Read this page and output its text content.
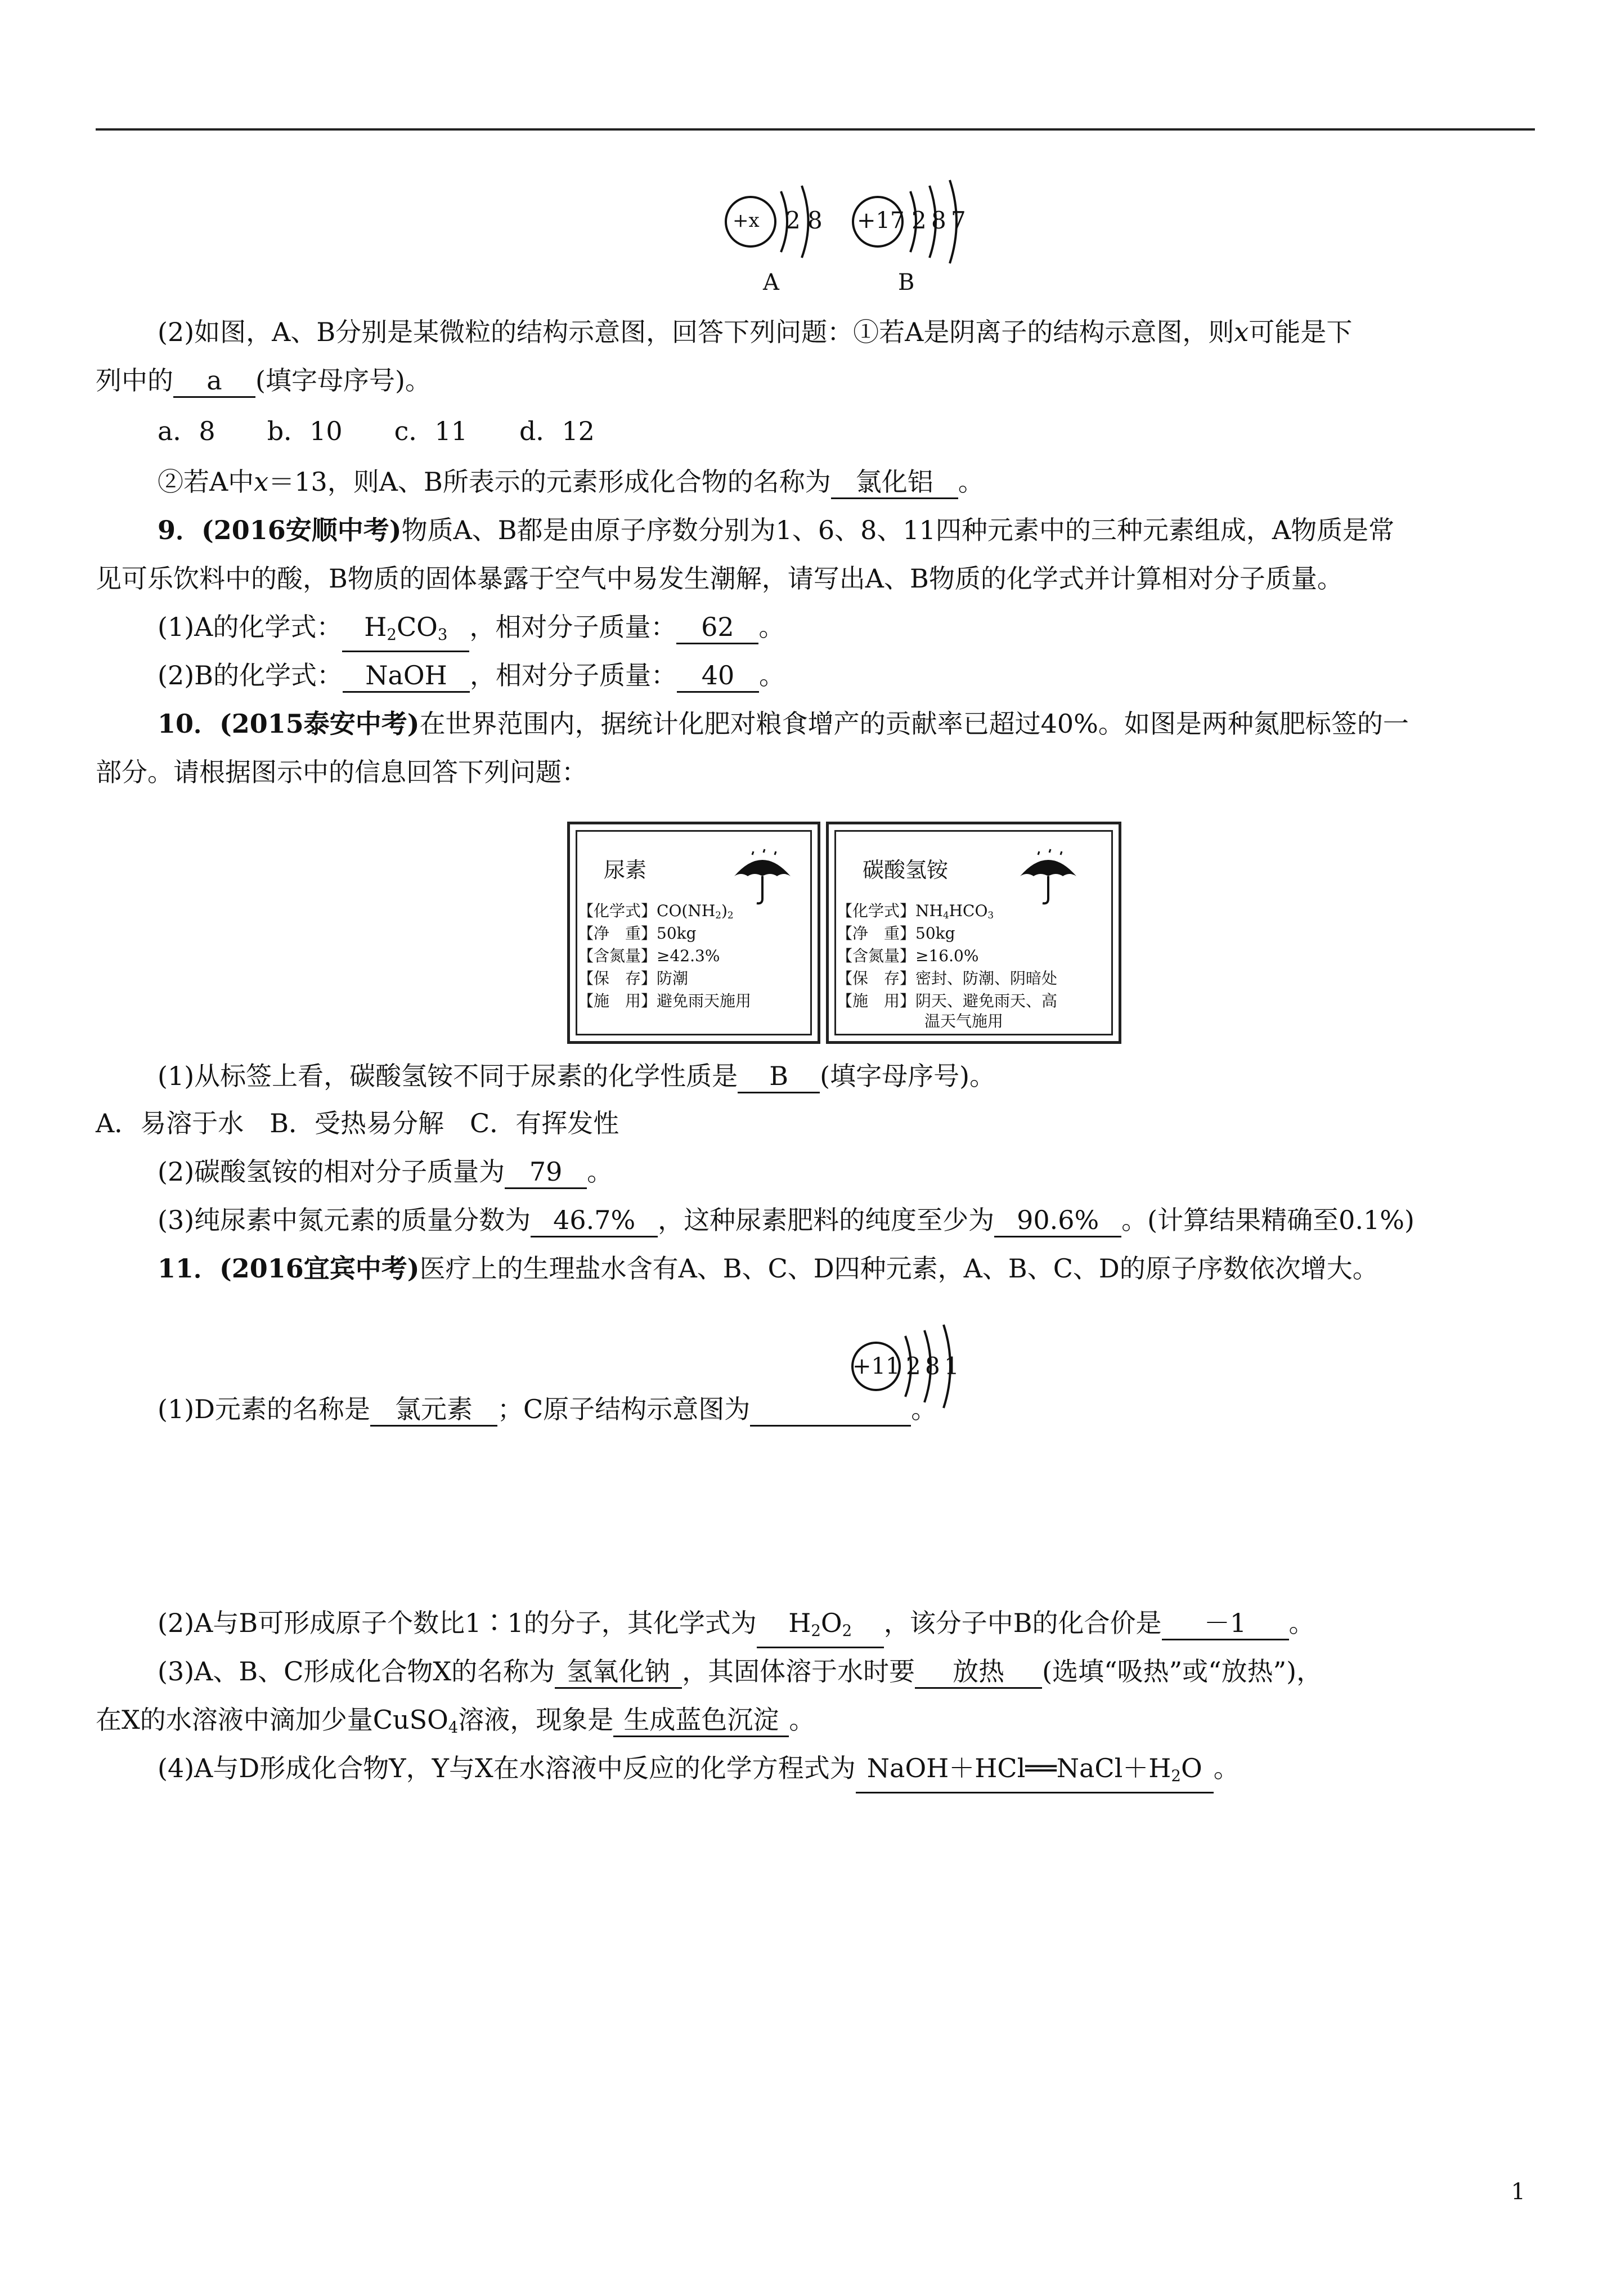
+x 2 8
A
+17 2 8 7
B
(2)如图，A、B分别是某微粒的结构示意图，回答下列问题：①若A是阴离子的结构示意图，则x可能是下
列中的 a (填字母序号)。
a．8　　b．10　　c．11　　d．12
②若A中x＝13，则A、B所表示的元素形成化合物的名称为 氯化铝 。
9．(2016安顺中考)物质A、B都是由原子序数分别为1、6、8、11四种元素中的三种元素组成，A物质是常
见可乐饮料中的酸，B物质的固体暴露于空气中易发生潮解，请写出A、B物质的化学式并计算相对分子质量。
(1)A的化学式： $H_2CO_3$ ，相对分子质量： 62 。
(2)B的化学式： NaOH ，相对分子质量： 40 。
10．(2015泰安中考)在世界范围内，据统计化肥对粮食增产的贡献率已超过40%。如图是两种氮肥标签的一
部分。请根据图示中的信息回答下列问题：
尿素
【化学式】$CO(NH_2)_2$
【净　重】50kg
【含氮量】≥42.3%
【保　存】防潮
【施　用】避免雨天施用
碳酸氢铵
【化学式】$NH_4HCO_3$
【净　重】50kg
【含氮量】≥16.0%
【保　存】密封、防潮、阴暗处
【施　用】阴天、避免雨天、高
温天气施用
(1)从标签上看，碳酸氢铵不同于尿素的化学性质是 B (填字母序号)。
A．易溶于水　B．受热易分解　C．有挥发性
(2)碳酸氢铵的相对分子质量为 79 。
(3)纯尿素中氮元素的质量分数为 46.7% ，这种尿素肥料的纯度至少为 90.6% 。(计算结果精确至0.1%)
11．(2016宜宾中考)医疗上的生理盐水含有A、B、C、D四种元素，A、B、C、D的原子序数依次增大。
+11 2 8 1
(1)D元素的名称是 氯元素 ；C原子结构示意图为	。
(2)A与B可形成原子个数比1∶1的分子，其化学式为 $H_2O_2$ ，该分子中B的化合价是 －1 。
(3)A、B、C形成化合物X的名称为 氢氧化钠 ，其固体溶于水时要 放热 (选填“吸热”或“放热”)，
在X的水溶液中滴加少量CuSO$_4$溶液，现象是 生成蓝色沉淀 。
(4)A与D形成化合物Y，Y与X在水溶液中反应的化学方程式为 $NaOH+HCl══NaCl+H_2O$ 。
1
